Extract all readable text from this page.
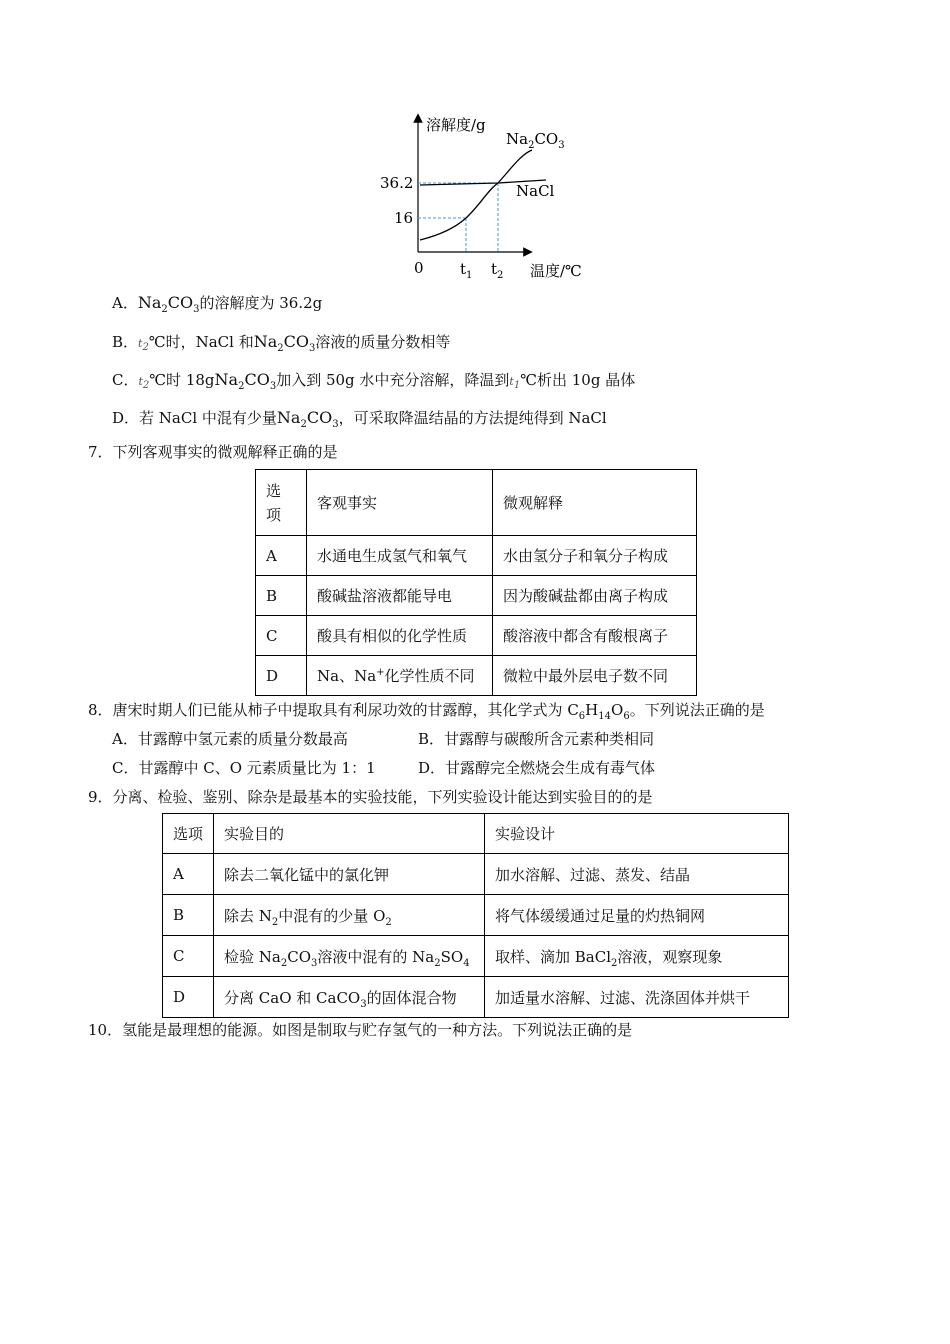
溶解度/g
$Na_2CO_3$
NaCl
36.2
16
0 $t_1$ $t_2$ 温度/℃
A．$Na_2CO_3$的溶解度为 36.2g
B．$t_2℃$时，NaCl 和$Na_2CO_3$溶液的质量分数相等
C．$t_2℃$时 $18gNa_2CO_3$加入到 50g 水中充分溶解，降温到$t_1℃$析出 10g 晶体
D．若 NaCl 中混有少量$Na_2CO_3$，可采取降温结晶的方法提纯得到 NaCl
7．下列客观事实的微观解释正确的是
选
项	客观事实	微观解释
A	水通电生成氢气和氧气	水由氢分子和氧分子构成
B	酸碱盐溶液都能导电	因为酸碱盐都由离子构成
C	酸具有相似的化学性质	酸溶液中都含有酸根离子
D	Na、Na+化学性质不同	微粒中最外层电子数不同
8．唐宋时期人们已能从柿子中提取具有利尿功效的甘露醇，其化学式为 $C_6H_{14}O_6$。下列说法正确的是
A．甘露醇中氢元素的质量分数最高	B．甘露醇与碳酸所含元素种类相同
C．甘露醇中 C、O 元素质量比为 1：1	D．甘露醇完全燃烧会生成有毒气体
9．分离、检验、鉴别、除杂是最基本的实验技能，下列实验设计能达到实验目的的是
选项	实验目的	实验设计
A	除去二氧化锰中的氯化钾	加水溶解、过滤、蒸发、结晶
B	除去 $N_2$中混有的少量 $O_2$	将气体缓缓通过足量的灼热铜网
C	检验 $Na_2CO_3$溶液中混有的 $Na_2SO_4$	取样、滴加 BaCl$_2$溶液，观察现象
D	分离 CaO 和 CaCO$_3$的固体混合物	加适量水溶解、过滤、洗涤固体并烘干
10．氢能是最理想的能源。如图是制取与贮存氢气的一种方法。下列说法正确的是
